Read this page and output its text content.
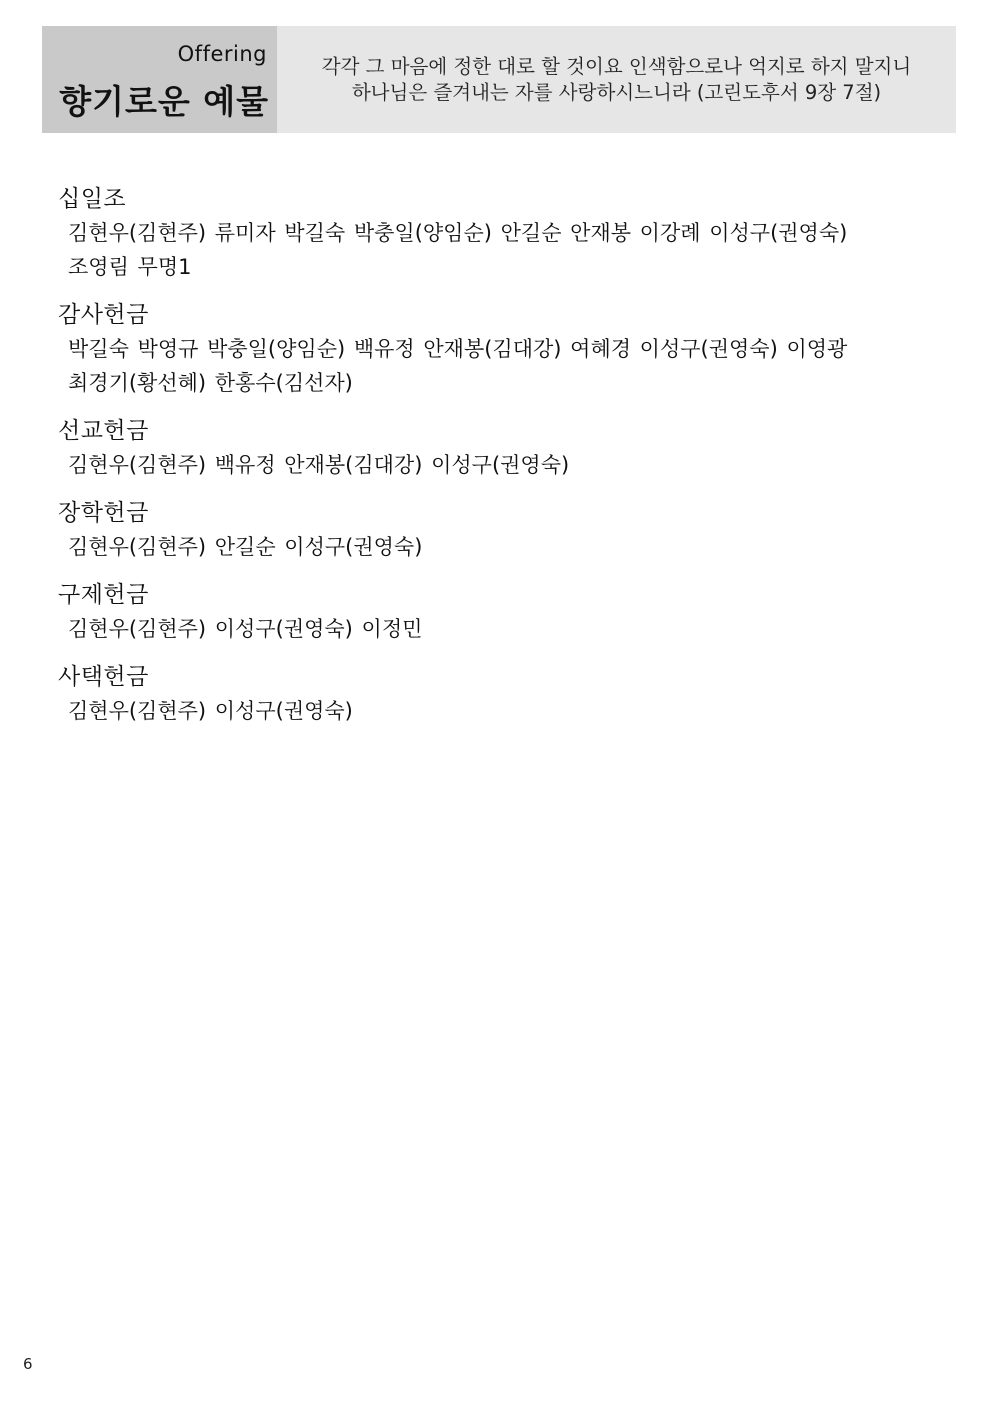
Offering
향기로운 예물
각각 그 마음에 정한 대로 할 것이요 인색함으로나 억지로 하지 말지니
하나님은 즐겨내는 자를 사랑하시느니라 (고린도후서 9장 7절)
십일조
김현우(김현주) 류미자 박길숙 박충일(양임순) 안길순 안재봉 이강례 이성구(권영숙)
조영림 무명1
감사헌금
박길숙 박영규 박충일(양임순) 백유정 안재봉(김대강) 여혜경 이성구(권영숙) 이영광
최경기(황선혜) 한홍수(김선자)
선교헌금
김현우(김현주) 백유정 안재봉(김대강) 이성구(권영숙)
장학헌금
김현우(김현주) 안길순 이성구(권영숙)
구제헌금
김현우(김현주) 이성구(권영숙) 이정민
사택헌금
김현우(김현주) 이성구(권영숙)
6
